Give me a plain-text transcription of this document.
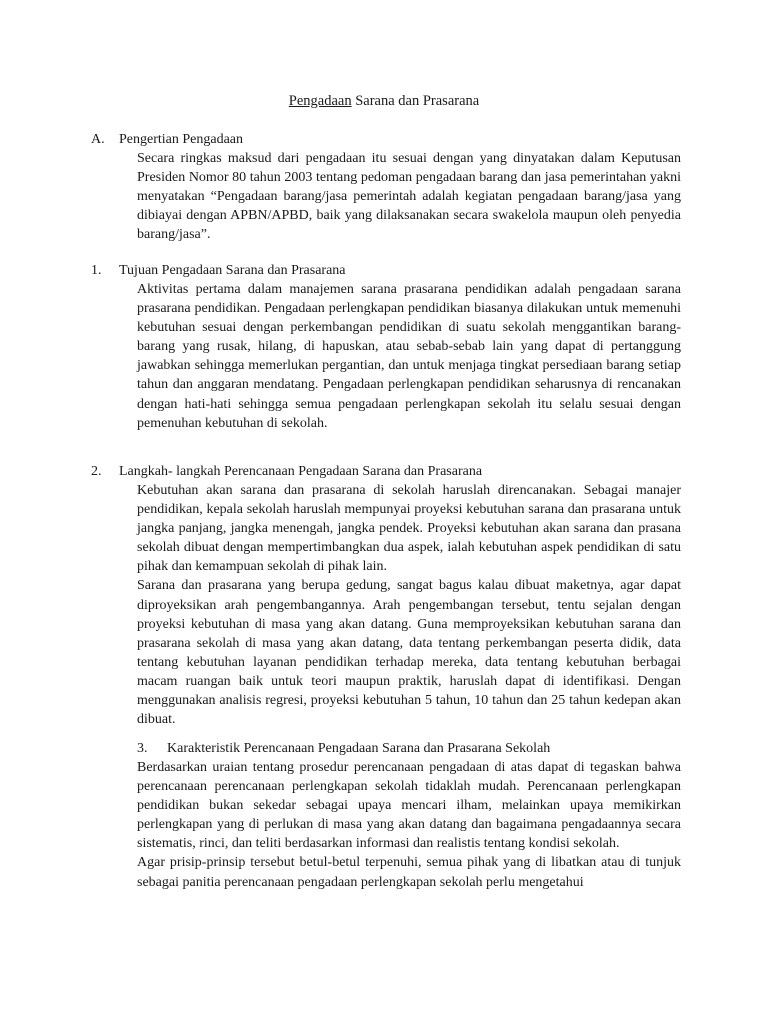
Pengadaan Sarana dan Prasarana
A.	Pengertian Pengadaan

Secara ringkas maksud dari pengadaan itu sesuai dengan yang dinyatakan dalam Keputusan Presiden Nomor 80 tahun 2003 tentang pedoman pengadaan barang dan jasa pemerintahan yakni menyatakan “Pengadaan barang/jasa pemerintah adalah kegiatan pengadaan barang/jasa yang dibiayai dengan APBN/APBD, baik yang dilaksanakan secara swakelola maupun oleh penyedia barang/jasa”.

1.	Tujuan Pengadaan Sarana dan Prasarana

Aktivitas pertama dalam manajemen sarana prasarana pendidikan adalah pengadaan sarana prasarana pendidikan. Pengadaan perlengkapan pendidikan biasanya dilakukan untuk memenuhi kebutuhan sesuai dengan perkembangan pendidikan di suatu sekolah menggantikan barang-barang yang rusak, hilang, di hapuskan, atau sebab-sebab lain yang dapat di pertanggung jawabkan sehingga memerlukan pergantian, dan untuk menjaga tingkat persediaan barang setiap tahun dan anggaran mendatang. Pengadaan perlengkapan pendidikan seharusnya di rencanakan dengan hati-hati sehingga semua pengadaan perlengkapan sekolah itu selalu sesuai dengan pemenuhan kebutuhan di sekolah.

2.	Langkah- langkah Perencanaan Pengadaan Sarana dan Prasarana

Kebutuhan akan sarana dan prasarana di sekolah haruslah direncanakan. Sebagai manajer pendidikan, kepala sekolah haruslah mempunyai proyeksi kebutuhan sarana dan prasarana untuk jangka panjang, jangka menengah, jangka pendek. Proyeksi kebutuhan akan sarana dan prasana sekolah dibuat dengan mempertimbangkan dua aspek, ialah kebutuhan aspek pendidikan di satu pihak dan kemampuan sekolah di pihak lain.

Sarana dan prasarana yang berupa gedung, sangat bagus kalau dibuat maketnya, agar dapat diproyeksikan arah pengembangannya. Arah pengembangan tersebut, tentu sejalan dengan proyeksi kebutuhan di masa yang akan datang. Guna memproyeksikan kebutuhan sarana dan prasarana sekolah di masa yang akan datang, data tentang perkembangan peserta didik, data tentang kebutuhan layanan pendidikan terhadap mereka, data tentang kebutuhan berbagai macam ruangan baik untuk teori maupun praktik, haruslah dapat di identifikasi. Dengan menggunakan analisis regresi, proyeksi kebutuhan 5 tahun, 10 tahun dan 25 tahun kedepan akan dibuat.

3.	Karakteristik Perencanaan Pengadaan Sarana dan Prasarana Sekolah

Berdasarkan uraian tentang prosedur perencanaan pengadaan di atas dapat di tegaskan bahwa perencanaan perencanaan perlengkapan sekolah tidaklah mudah. Perencanaan perlengkapan pendidikan bukan sekedar sebagai upaya mencari ilham, melainkan upaya memikirkan perlengkapan yang di perlukan di masa yang akan datang dan bagaimana pengadaannya secara sistematis, rinci, dan teliti berdasarkan informasi dan realistis tentang kondisi sekolah.

Agar prisip-prinsip tersebut betul-betul terpenuhi, semua pihak yang di libatkan atau di tunjuk sebagai panitia perencanaan pengadaan perlengkapan sekolah perlu mengetahui
